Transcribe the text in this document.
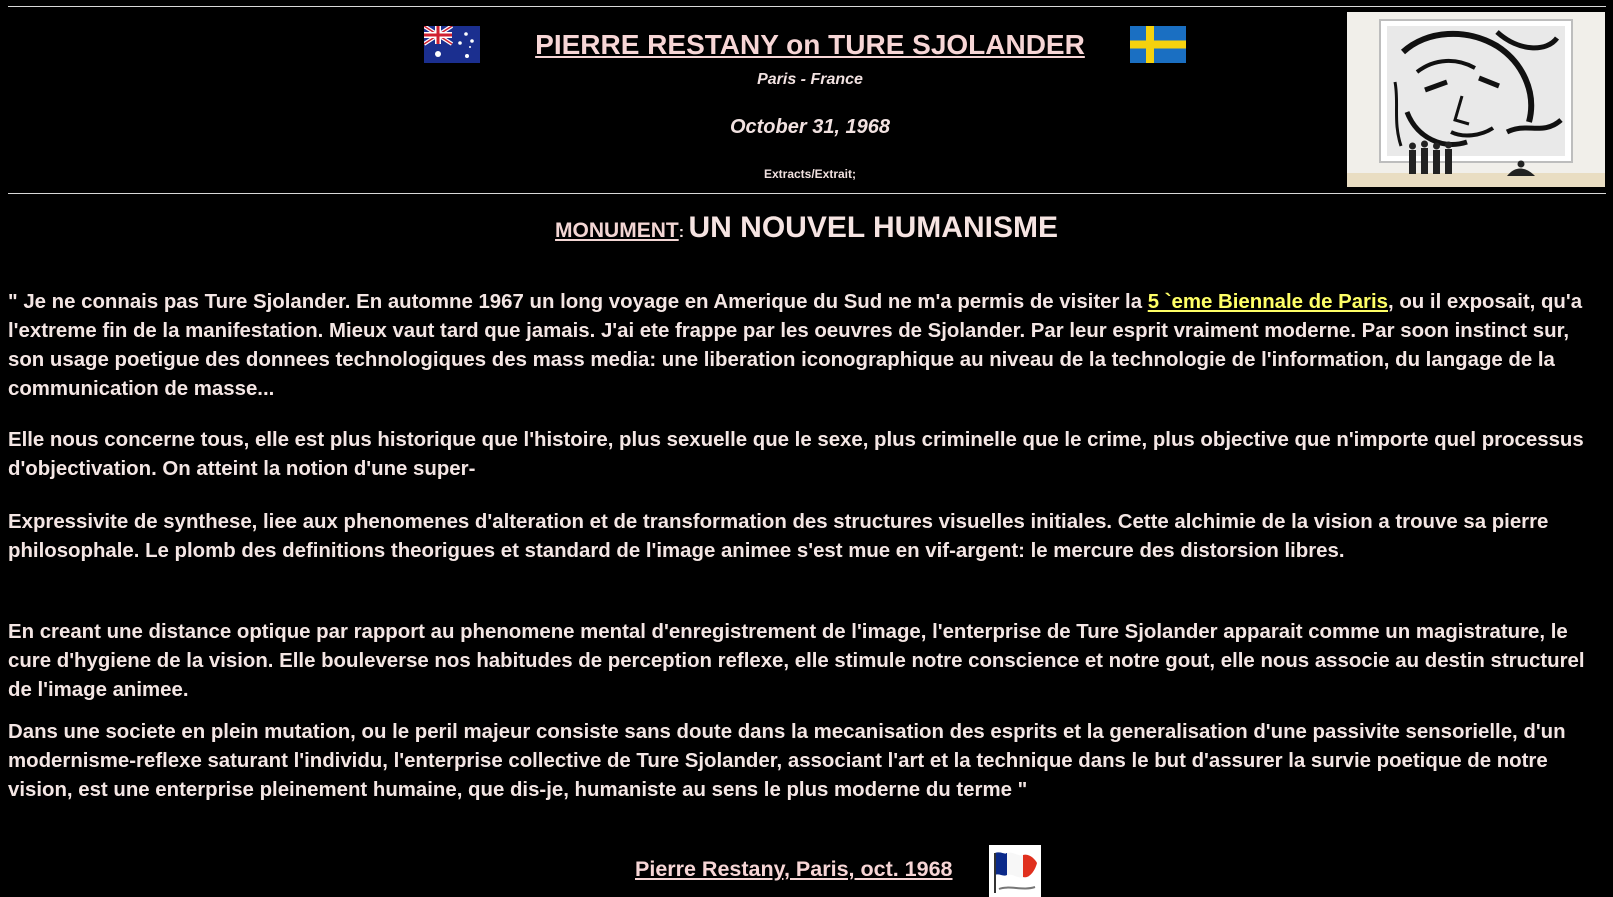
PIERRE RESTANY on TURE SJOLANDER
Paris - France
October 31, 1968
Extracts/Extrait;
MONUMENT: UN NOUVEL HUMANISME

" Je ne connais pas Ture Sjolander. En automne 1967 un long voyage en Amerique du Sud ne m'a permis de visiter la 5 `eme Biennale de Paris, ou il exposait, qu'a l'extreme fin de la manifestation. Mieux vaut tard que jamais. J'ai ete frappe par les oeuvres de Sjolander. Par leur esprit vraiment moderne. Par soon instinct sur, son usage poetigue des donnees technologiques des mass media: une liberation iconographique au niveau de la technologie de l'information, du langage de la communication de masse...

Elle nous concerne tous, elle est plus historique que l'histoire, plus sexuelle que le sexe, plus criminelle que le crime, plus objective que n'importe quel processus d'objectivation. On atteint la notion d'une super-

Expressivite de synthese, liee aux phenomenes d'alteration et de transformation des structures visuelles initiales. Cette alchimie de la vision a trouve sa pierre philosophale. Le plomb des definitions theorigues et standard de l'image animee s'est mue en vif-argent: le mercure des distorsion libres.

En creant une distance optique par rapport au phenomene mental d'enregistrement de l'image, l'enterprise de Ture Sjolander apparait comme un magistrature, le cure d'hygiene de la vision. Elle bouleverse nos habitudes de perception reflexe, elle stimule notre conscience et notre gout, elle nous associe au destin structurel de l'image animee.

Dans une societe en plein mutation, ou le peril majeur consiste sans doute dans la mecanisation des esprits et la generalisation d'une passivite sensorielle, d'un modernisme-reflexe saturant l'individu, l'enterprise collective de Ture Sjolander, associant l'art et la technique dans le but d'assurer la survie poetique de notre vision, est une enterprise pleinement humaine, que dis-je, humaniste au sens le plus moderne du terme "

Pierre Restany, Paris, oct. 1968
